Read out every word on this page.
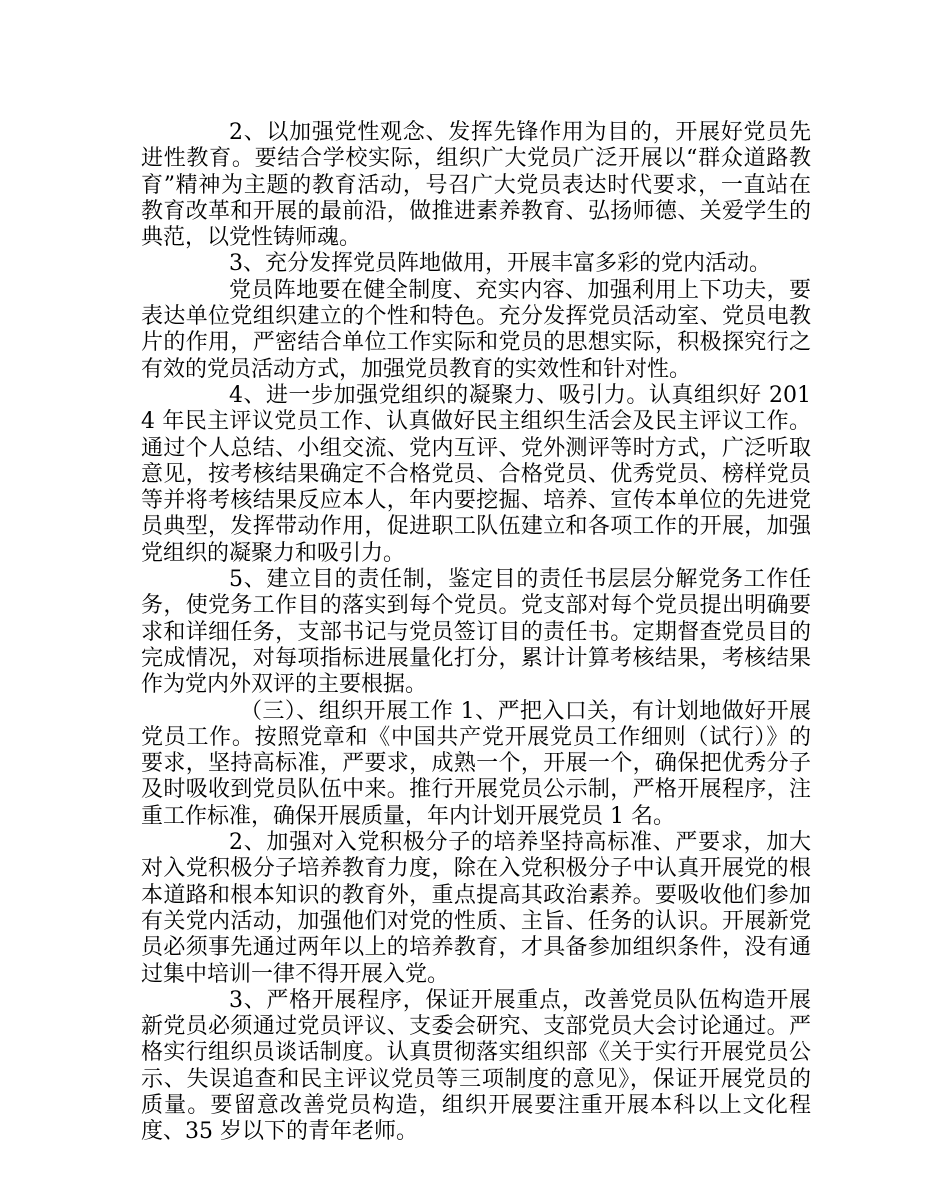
2、以加强党性观念、发挥先锋作用为目的，开展好党员先进性教育。要结合学校实际，组织广大党员广泛开展以“群众道路教育”精神为主题的教育活动，号召广大党员表达时代要求，一直站在教育改革和开展的最前沿，做推进素养教育、弘扬师德、关爱学生的典范，以党性铸师魂。

3、充分发挥党员阵地做用，开展丰富多彩的党内活动。

党员阵地要在健全制度、充实内容、加强利用上下功夫，要表达单位党组织建立的个性和特色。充分发挥党员活动室、党员电教片的作用，严密结合单位工作实际和党员的思想实际，积极探究行之有效的党员活动方式，加强党员教育的实效性和针对性。

4、进一步加强党组织的凝聚力、吸引力。认真组织好 2014 年民主评议党员工作、认真做好民主组织生活会及民主评议工作。通过个人总结、小组交流、党内互评、党外测评等时方式，广泛听取意见，按考核结果确定不合格党员、合格党员、优秀党员、榜样党员等并将考核结果反应本人，年内要挖掘、培养、宣传本单位的先进党员典型，发挥带动作用，促进职工队伍建立和各项工作的开展，加强党组织的凝聚力和吸引力。

5、建立目的责任制，鉴定目的责任书层层分解党务工作任务，使党务工作目的落实到每个党员。党支部对每个党员提出明确要求和详细任务，支部书记与党员签订目的责任书。定期督查党员目的完成情况，对每项指标进展量化打分，累计计算考核结果，考核结果作为党内外双评的主要根据。

（三）、组织开展工作 1、严把入口关，有计划地做好开展党员工作。按照党章和《中国共产党开展党员工作细则（试行）》的要求，坚持高标准，严要求，成熟一个，开展一个，确保把优秀分子及时吸收到党员队伍中来。推行开展党员公示制，严格开展程序，注重工作标准，确保开展质量，年内计划开展党员 1 名。

2、加强对入党积极分子的培养坚持高标准、严要求，加大对入党积极分子培养教育力度，除在入党积极分子中认真开展党的根本道路和根本知识的教育外，重点提高其政治素养。要吸收他们参加有关党内活动，加强他们对党的性质、主旨、任务的认识。开展新党员必须事先通过两年以上的培养教育，才具备参加组织条件，没有通过集中培训一律不得开展入党。

3、严格开展程序，保证开展重点，改善党员队伍构造开展新党员必须通过党员评议、支委会研究、支部党员大会讨论通过。严格实行组织员谈话制度。认真贯彻落实组织部《关于实行开展党员公示、失误追查和民主评议党员等三项制度的意见》，保证开展党员的质量。要留意改善党员构造，组织开展要注重开展本科以上文化程度、35 岁以下的青年老师。
